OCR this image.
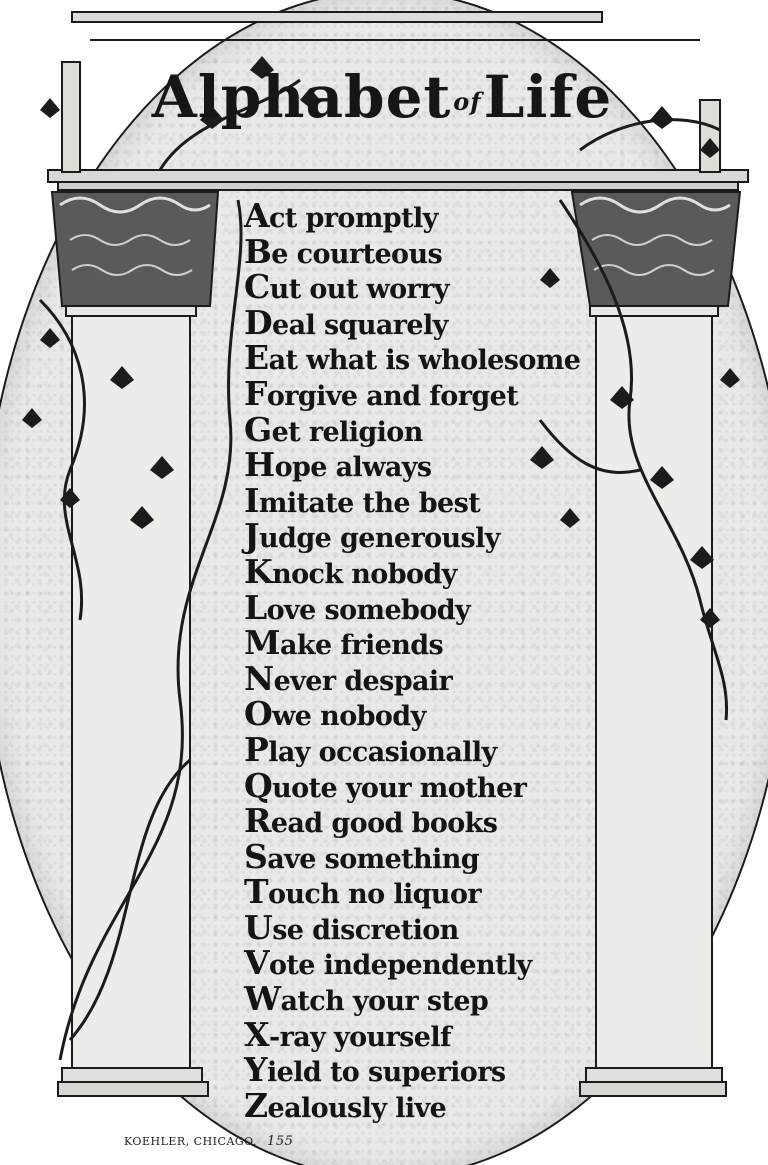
AlphabetofLife
Act promptly
Be courteous
Cut out worry
Deal squarely
Eat what is wholesome
Forgive and forget
Get religion
Hope always
Imitate the best
Judge generously
Knock nobody
Love somebody
Make friends
Never despair
Owe nobody
Play occasionally
Quote your mother
Read good books
Save something
Touch no liquor
Use discretion
Vote independently
Watch your step
X-ray yourself
Yield to superiors
Zealously live
KOEHLER, CHICAGO. 155
